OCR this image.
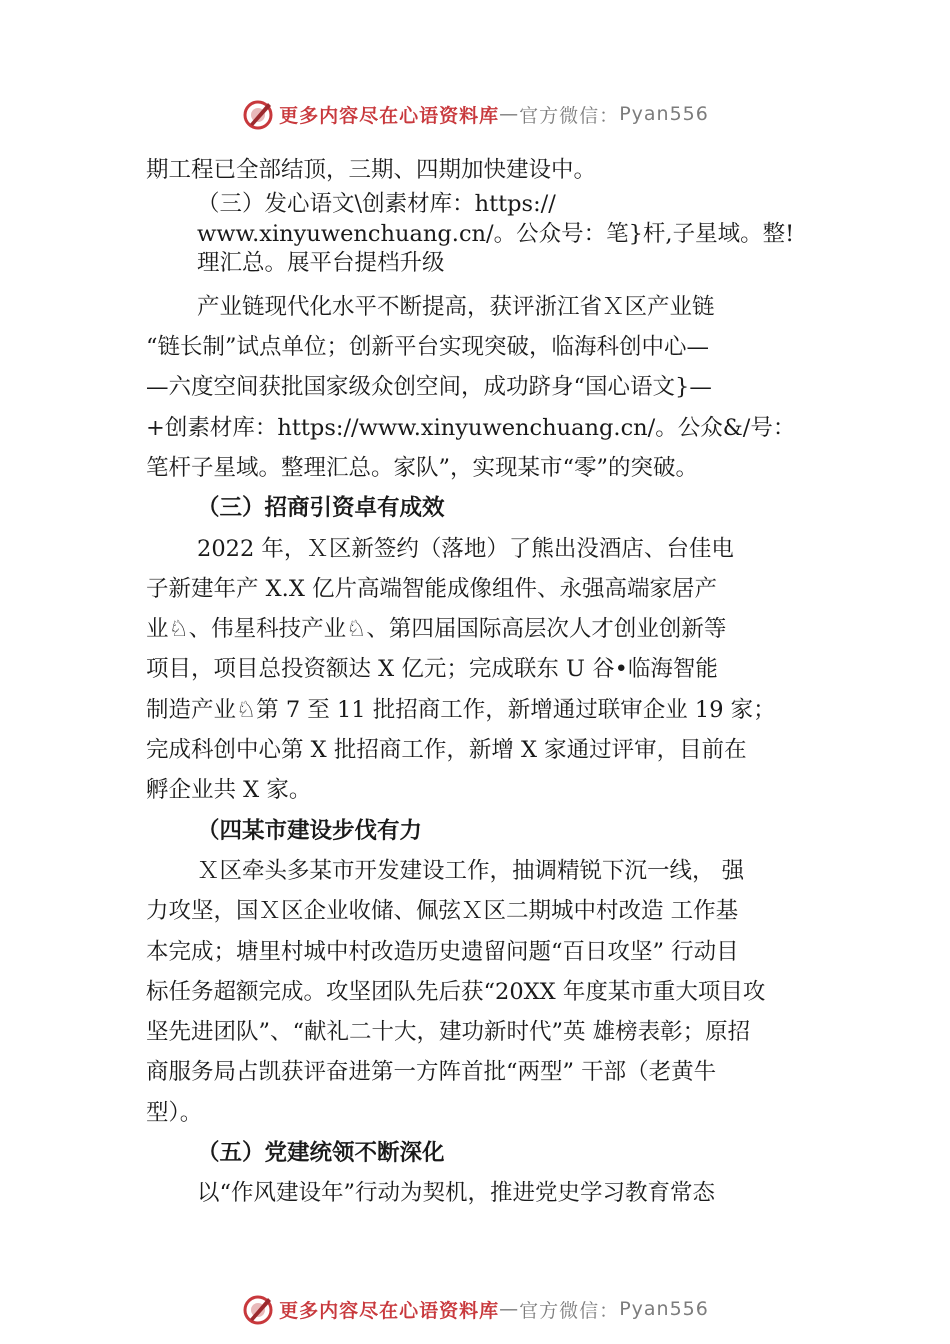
更多内容尽在心语资料库 — 官方微信： Pyan556
期工程已全部结顶，三期、四期加快建设中。
（三）发心语文\创素材库：https://
www.xinyuwenchuang.cn/。公众号：笔}杆,子星域。整!
理汇总。展平台提档升级
产业链现代化水平不断提高，获评浙江省Ｘ区产业链
“链长制”试点单位；创新平台实现突破，临海科创中心—
—六度空间获批国家级众创空间，成功跻身“国心语文}—
+创素材库：https://www.xinyuwenchuang.cn/。公众&/号：
笔杆子星域。整理汇总。家队”，实现某市“零”的突破。
（三）招商引资卓有成效
2022 年，Ｘ区新签约（落地）了熊出没酒店、台佳电
子新建年产 X.X 亿片高端智能成像组件、永强高端家居产
业♘、伟星科技产业♘、第四届国际高层次人才创业创新等
项目，项目总投资额达 X 亿元；完成联东 U 谷•临海智能
制造产业♘第 7 至 11 批招商工作，新增通过联审企业 19 家；
完成科创中心第 X 批招商工作，新增 X 家通过评审，目前在
孵企业共 X 家。
（四某市建设步伐有力
Ｘ区牵头多某市开发建设工作，抽调精锐下沉一线， 强
力攻坚，国Ｘ区企业收储、佩弦Ｘ区二期城中村改造 工作基
本完成；塘里村城中村改造历史遗留问题“百日攻坚” 行动目
标任务超额完成。攻坚团队先后获“20XX 年度某市重大项目攻
坚先进团队”、“献礼二十大，建功新时代”英 雄榜表彰；原招
商服务局占凯获评奋进第一方阵首批“两型” 干部（老黄牛
型）。
（五）党建统领不断深化
以“作风建设年”行动为契机，推进党史学习教育常态
更多内容尽在心语资料库 — 官方微信： Pyan556
